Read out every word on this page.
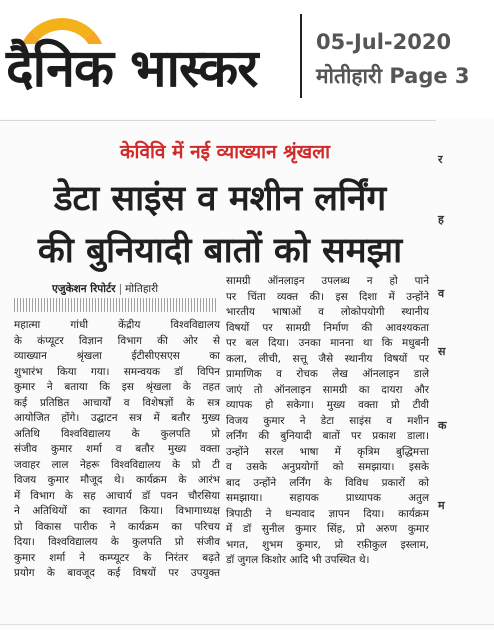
दैनिक भास्कर	05-Jul-2020
मोतीहारी Page 3
केविवि में नई व्याख्यान श्रृंखला
डेटा साइंस व मशीन लर्निंग
की बुनियादी बातों को समझा
एजुकेशन रिपोर्टर | मोतिहारी

महात्मा गांधी केंद्रीय विश्वविद्यालय

के कंप्यूटर विज्ञान विभाग की ओर से

व्याख्यान श्रृंखला ईटीसीएसएस का

शुभारंभ किया गया। समन्वयक डॉ विपिन

कुमार ने बताया कि इस श्रृंखला के तहत

कई प्रतिष्ठित आचार्यों व विशेषज्ञों के सत्र

आयोजित होंगे। उद्घाटन सत्र में बतौर मुख्य

अतिथि विश्वविद्यालय के कुलपति प्रो

संजीव कुमार शर्मा व बतौर मुख्य वक्ता

जवाहर लाल नेहरू विश्वविद्यालय के प्रो टी

विजय कुमार मौजूद थे। कार्यक्रम के आरंभ

में विभाग के सह आचार्य डॉ पवन चौरसिया

ने अतिथियों का स्वागत किया। विभागाध्यक्ष

प्रो विकास पारीक ने कार्यक्रम का परिचय

दिया। विश्वविद्यालय के कुलपति प्रो संजीव

कुमार शर्मा ने कम्प्यूटर के निरंतर बढ़ते

प्रयोग के बावजूद कई विषयों पर उपयुक्त

सामग्री ऑनलाइन उपलब्ध न हो पाने

पर चिंता व्यक्त की। इस दिशा में उन्होंने

भारतीय भाषाओं व लोकोपयोगी स्थानीय

विषयों पर सामग्री निर्माण की आवश्यकता

पर बल दिया। उनका मानना था कि मधुबनी

कला, लीची, सत्तू जैसे स्थानीय विषयों पर

प्रामाणिक व रोचक लेख ऑनलाइन डाले

जाएं तो ऑनलाइन सामग्री का दायरा और

व्यापक हो सकेगा। मुख्य वक्ता प्रो टीवी

विजय कुमार ने डेटा साइंस व मशीन

लर्निंग की बुनियादी बातों पर प्रकाश डाला।

उन्होंने सरल भाषा में कृत्रिम बुद्धिमत्ता

व उसके अनुप्रयोगों को समझाया। इसके

बाद उन्होंने लर्निंग के विविध प्रकारों को

समझाया। सहायक प्राध्यापक अतुल

त्रिपाठी ने धन्यवाद ज्ञापन दिया। कार्यक्रम

में डॉ सुनील कुमार सिंह, प्रो अरुण कुमार

भगत, शुभम कुमार, प्रो रफ़ीकुल इस्लाम,

डॉ जुगल किशोर आदि भी उपस्थित थे।

र
ह
व
स
क
म
